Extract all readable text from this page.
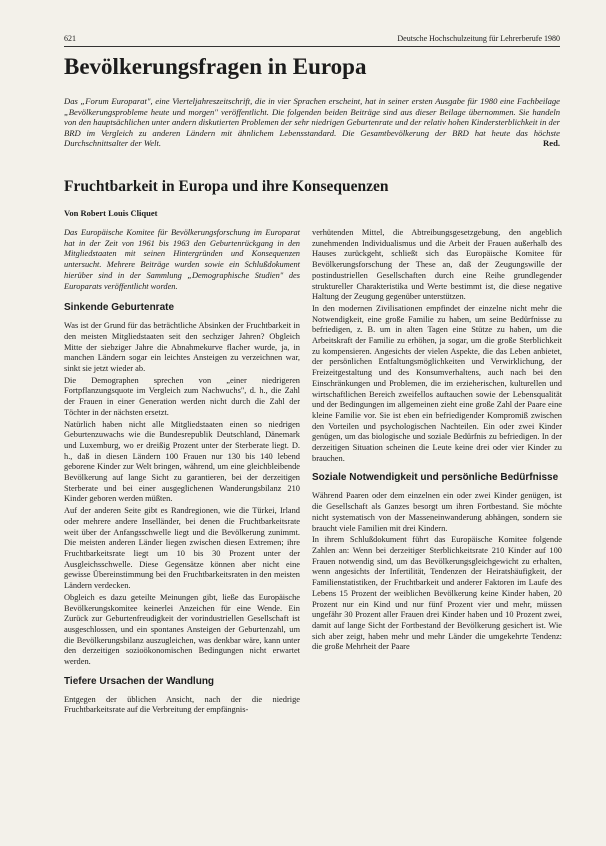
621	Deutsche Hochschulzeitung für Lehrerberufe 1980
Bevölkerungsfragen in Europa

Das „Forum Europarat", eine Vierteljahreszeitschrift, die in vier Sprachen erscheint, hat in seiner ersten Ausgabe für 1980 eine Fachbeilage „Bevölkerungsprobleme heute und morgen" veröffentlicht. Die folgenden beiden Beiträge sind aus dieser Beilage übernommen. Sie handeln von den hauptsächlichen unter andern diskutierten Problemen der sehr niedrigen Geburtenrate und der relativ hohen Kindersterblichkeit in der BRD im Vergleich zu anderen Ländern mit ähnlichem Lebensstandard. Die Gesamtbevölkerung der BRD hat heute das höchste Durchschnittsalter der Welt.	Red.

Fruchtbarkeit in Europa und ihre Konsequenzen
Von Robert Louis Cliquet

Das Europäische Komitee für Bevölkerungsforschung im Europarat hat in der Zeit von 1961 bis 1963 den Geburtenrückgang in den Mitgliedstaaten mit seinen Hintergründen und Konsequenzen untersucht. Mehrere Beiträge wurden sowie ein Schlußdokument hierüber sind in der Sammlung „Demographische Studien" des Europarats veröffentlicht worden.

Sinkende Geburtenrate

Was ist der Grund für das beträchtliche Absinken der Fruchtbarkeit in den meisten Mitgliedstaaten seit den sechziger Jahren? Obgleich Mitte der siebziger Jahre die Abnahmekurve flacher wurde, ja, in manchen Ländern sogar ein leichtes Ansteigen zu verzeichnen war, sinkt sie jetzt wieder ab.

Die Demographen sprechen von „einer niedrigeren Fortpflanzungsquote im Vergleich zum Nachwuchs", d. h., die Zahl der Frauen in einer Generation werden nicht durch die Zahl der Töchter in der nächsten ersetzt.

Natürlich haben nicht alle Mitgliedstaaten einen so niedrigen Geburtenzuwachs wie die Bundesrepublik Deutschland, Dänemark und Luxemburg, wo er dreißig Prozent unter der Sterberate liegt. D. h., daß in diesen Ländern 100 Frauen nur 130 bis 140 lebend geborene Kinder zur Welt bringen, während, um eine gleichbleibende Bevölkerung auf lange Sicht zu garantieren, bei der derzeitigen Sterberate und bei einer ausgeglichenen Wanderungsbilanz 210 Kinder geboren werden müßten.

Auf der anderen Seite gibt es Randregionen, wie die Türkei, Irland oder mehrere andere Inselländer, bei denen die Fruchtbarkeitsrate weit über der Anfangsschwelle liegt und die Bevölkerung zunimmt. Die meisten anderen Länder liegen zwischen diesen Extremen; ihre Fruchtbarkeitsrate liegt um 10 bis 30 Prozent unter der Ausgleichsschwelle. Diese Gegensätze können aber nicht eine gewisse Übereinstimmung bei den Fruchtbarkeitsraten in den meisten Ländern verdecken.

Obgleich es dazu geteilte Meinungen gibt, ließe das Europäische Bevölkerungskomitee keinerlei Anzeichen für eine Wende. Ein Zurück zur Geburtenfreudigkeit der vorindustriellen Gesellschaft ist ausgeschlossen, und ein spontanes Ansteigen der Geburtenzahl, um die Bevölkerungsbilanz auszugleichen, was denkbar wäre, kann unter den derzeitigen sozioökonomischen Bedingungen nicht erwartet werden.

Tiefere Ursachen der Wandlung

Entgegen der üblichen Ansicht, nach der die niedrige Fruchtbarkeitsrate auf die Verbreitung der empfängnis-

verhütenden Mittel, die Abtreibungsgesetzgebung, den angeblich zunehmenden Individualismus und die Arbeit der Frauen außerhalb des Hauses zurückgeht, schließt sich das Europäische Komitee für Bevölkerungsforschung der These an, daß der Zeugungswille der postindustriellen Gesellschaften durch eine Reihe grundlegender struktureller Charakteristika und Werte bestimmt ist, die diese negative Haltung der Zeugung gegenüber unterstützen.

In den modernen Zivilisationen empfindet der einzelne nicht mehr die Notwendigkeit, eine große Familie zu haben, um seine Bedürfnisse zu befriedigen, z. B. um in alten Tagen eine Stütze zu haben, um die Arbeitskraft der Familie zu erhöhen, ja sogar, um die große Sterblichkeit zu kompensieren. Angesichts der vielen Aspekte, die das Leben anbietet, der persönlichen Entfaltungsmöglichkeiten und Verwirklichung, der Freizeitgestaltung und des Konsumverhaltens, auch nach bei den Einschränkungen und Problemen, die im erzieherischen, kulturellen und wirtschaftlichen Bereich zweifellos auftauchen sowie der Lebensqualität und der Bedingungen im allgemeinen zieht eine große Zahl der Paare eine kleine Familie vor. Sie ist eben ein befriedigender Kompromiß zwischen den Vorteilen und psychologischen Nachteilen. Ein oder zwei Kinder genügen, um das biologische und soziale Bedürfnis zu befriedigen. In der derzeitigen Situation scheinen die Leute keine drei oder vier Kinder zu brauchen.

Soziale Notwendigkeit und persönliche Bedürfnisse

Während Paaren oder dem einzelnen ein oder zwei Kinder genügen, ist die Gesellschaft als Ganzes besorgt um ihren Fortbestand. Sie möchte nicht systematisch von der Masseneinwanderung abhängen, sondern sie braucht viele Familien mit drei Kindern.

In ihrem Schlußdokument führt das Europäische Komitee folgende Zahlen an: Wenn bei derzeitiger Sterblichkeitsrate 210 Kinder auf 100 Frauen notwendig sind, um das Bevölkerungsgleichgewicht zu erhalten, wenn angesichts der Infertilität, Tendenzen der Heiratshäufigkeit, der Familienstatistiken, der Fruchtbarkeit und anderer Faktoren im Laufe des Lebens 15 Prozent der weiblichen Bevölkerung keine Kinder haben, 20 Prozent nur ein Kind und nur fünf Prozent vier und mehr, müssen ungefähr 30 Prozent aller Frauen drei Kinder haben und 10 Prozent zwei, damit auf lange Sicht der Fortbestand der Bevölkerung gesichert ist. Wie sich aber zeigt, haben mehr und mehr Länder die umgekehrte Tendenz: die große Mehrheit der Paare
